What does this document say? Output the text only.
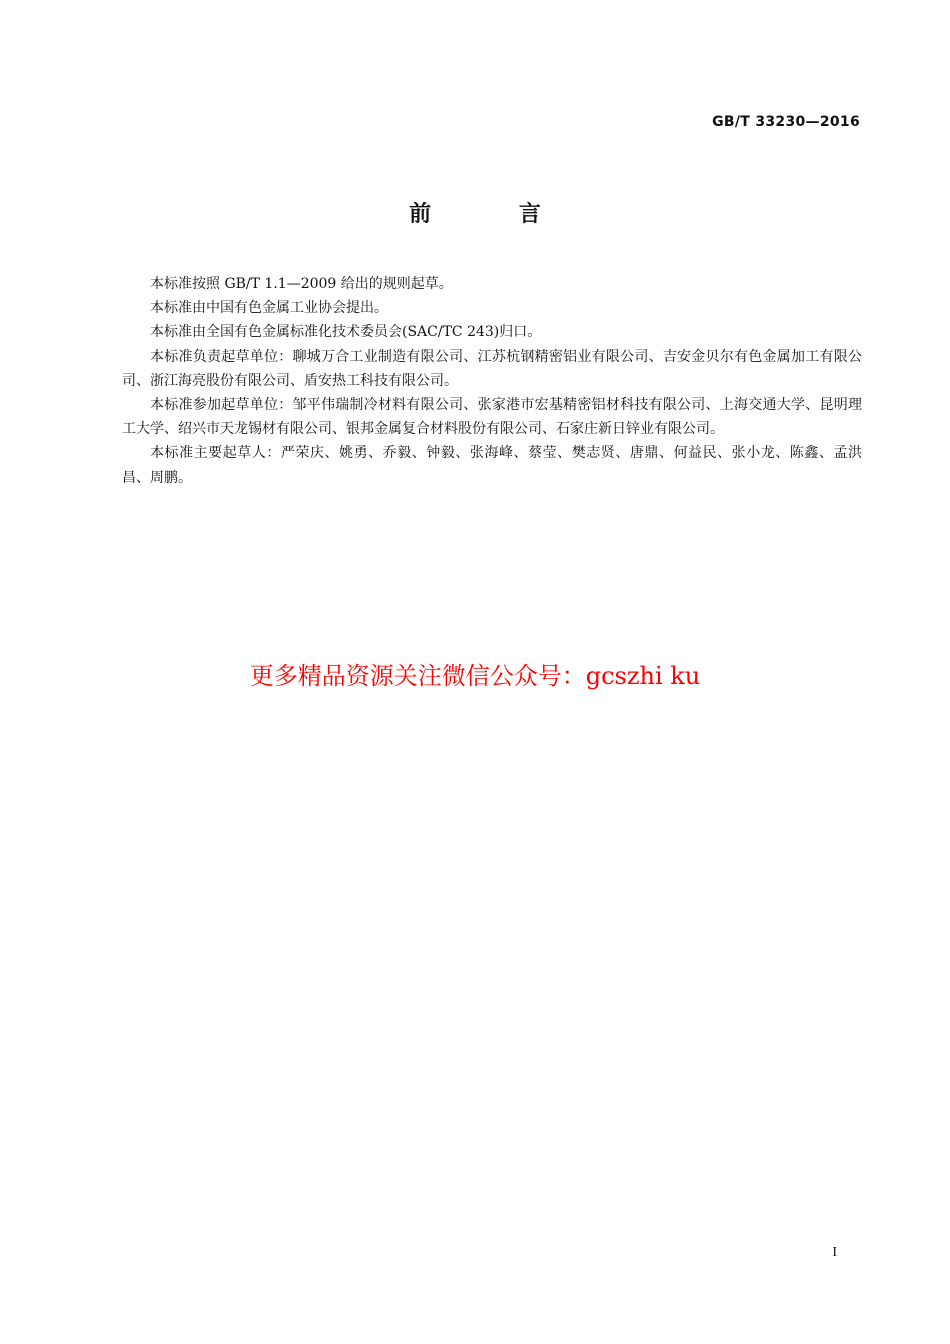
GB/T 33230—2016
前 言

本标准按照 GB/T 1.1—2009 给出的规则起草。

本标准由中国有色金属工业协会提出。

本标准由全国有色金属标准化技术委员会(SAC/TC 243)归口。

本标准负责起草单位：聊城万合工业制造有限公司、江苏杭钢精密铝业有限公司、吉安金贝尔有色金属加工有限公司、浙江海亮股份有限公司、盾安热工科技有限公司。

本标准参加起草单位：邹平伟瑞制冷材料有限公司、张家港市宏基精密铝材科技有限公司、上海交通大学、昆明理工大学、绍兴市天龙锡材有限公司、银邦金属复合材料股份有限公司、石家庄新日锌业有限公司。

本标准主要起草人：严荣庆、姚勇、乔毅、钟毅、张海峰、蔡莹、樊志贤、唐鼎、何益民、张小龙、陈鑫、孟洪昌、周鹏。

更多精品资源关注微信公众号：gcszhi ku
I
